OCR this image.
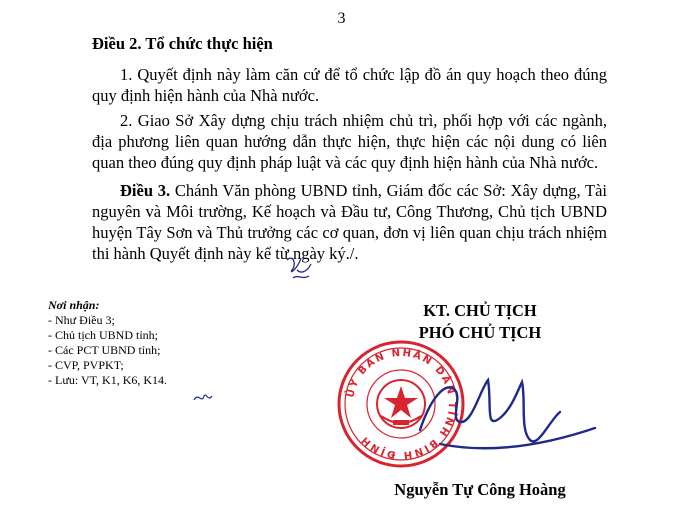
3
Điều 2. Tổ chức thực hiện
1. Quyết định này làm căn cứ để tổ chức lập đồ án quy hoạch theo đúng quy định hiện hành của Nhà nước.
2. Giao Sở Xây dựng chịu trách nhiệm chủ trì, phối hợp với các ngành, địa phương liên quan hướng dẫn thực hiện, thực hiện các nội dung có liên quan theo đúng quy định pháp luật và các quy định hiện hành của Nhà nước.
Điều 3. Chánh Văn phòng UBND tỉnh, Giám đốc các Sở: Xây dựng, Tài nguyên và Môi trường, Kế hoạch và Đầu tư, Công Thương, Chủ tịch UBND huyện Tây Sơn và Thủ trưởng các cơ quan, đơn vị liên quan chịu trách nhiệm thi hành Quyết định này kể từ ngày ký./.
Nơi nhận:
- Như Điều 3;
- Chủ tịch UBND tỉnh;
- Các PCT UBND tỉnh;
- CVP, PVPKT;
- Lưu: VT, K1, K6, K14.
KT. CHỦ TỊCH
PHÓ CHỦ TỊCH
ỦY BAN NHÂN DÂN TỈNH BÌNH ĐỊNH
Nguyễn Tự Công Hoàng
